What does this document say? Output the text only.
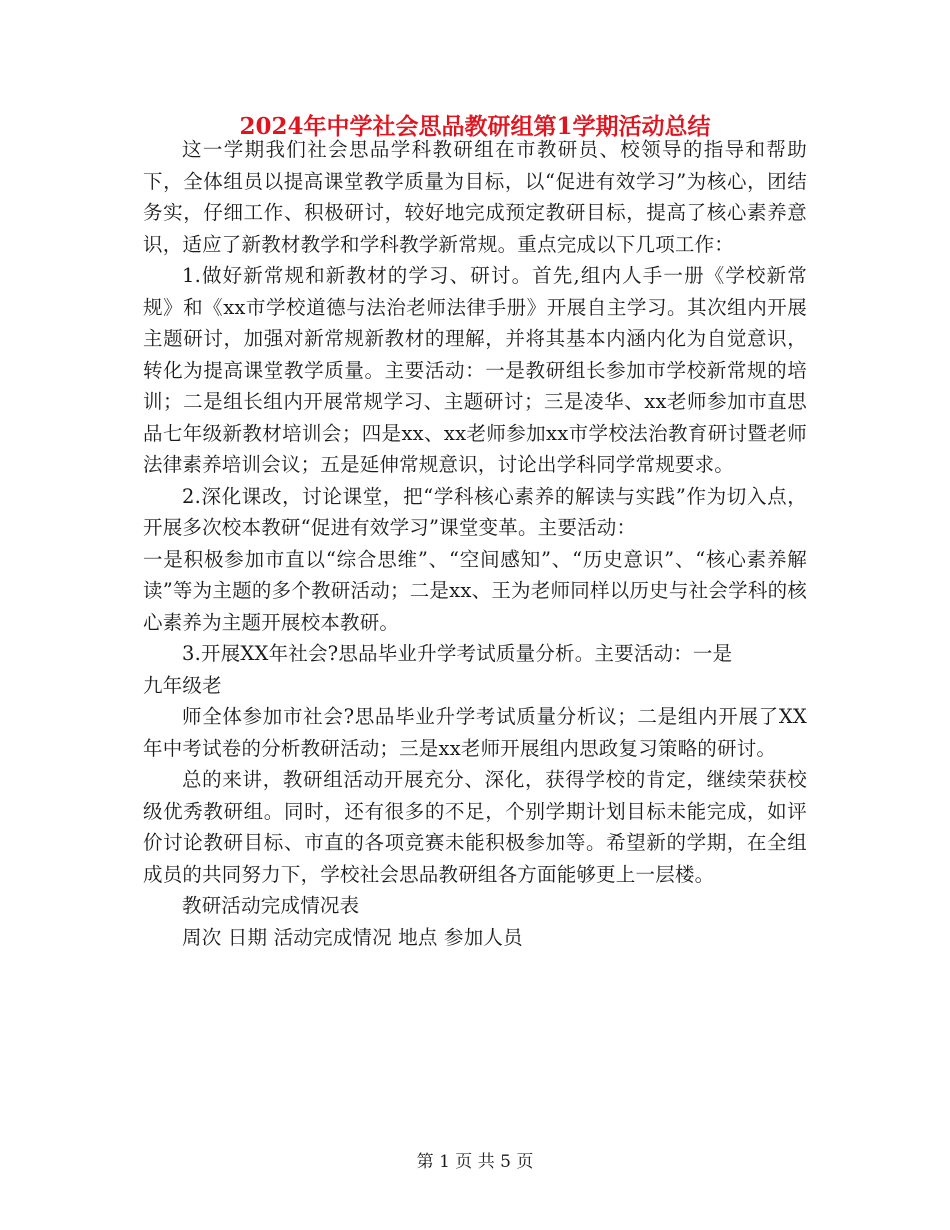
2024年中学社会思品教研组第1学期活动总结

这一学期我们社会思品学科教研组在市教研员、校领导的指导和帮助下，全体组员以提高课堂教学质量为目标，以“促进有效学习”为核心，团结务实，仔细工作、积极研讨，较好地完成预定教研目标，提高了核心素养意识，适应了新教材教学和学科教学新常规。重点完成以下几项工作：

1.做好新常规和新教材的学习、研讨。首先,组内人手一册《学校新常规》和《xx市学校道德与法治老师法律手册》开展自主学习。其次组内开展主题研讨，加强对新常规新教材的理解，并将其基本内涵内化为自觉意识，转化为提高课堂教学质量。主要活动：一是教研组长参加市学校新常规的培训；二是组长组内开展常规学习、主题研讨；三是凌华、xx老师参加市直思品七年级新教材培训会；四是xx、xx老师参加xx市学校法治教育研讨暨老师法律素养培训会议；五是延伸常规意识，讨论出学科同学常规要求。

2.深化课改，讨论课堂，把“学科核心素养的解读与实践”作为切入点，开展多次校本教研“促进有效学习”课堂变革。主要活动：

一是积极参加市直以“综合思维”、“空间感知”、“历史意识”、“核心素养解读”等为主题的多个教研活动；二是xx、王为老师同样以历史与社会学科的核心素养为主题开展校本教研。

3.开展XX年社会?思品毕业升学考试质量分析。主要活动：一是

九年级老

师全体参加市社会?思品毕业升学考试质量分析议；二是组内开展了XX年中考试卷的分析教研活动；三是xx老师开展组内思政复习策略的研讨。

总的来讲，教研组活动开展充分、深化，获得学校的肯定，继续荣获校级优秀教研组。同时，还有很多的不足，个别学期计划目标未能完成，如评价讨论教研目标、市直的各项竞赛未能积极参加等。希望新的学期，在全组成员的共同努力下，学校社会思品教研组各方面能够更上一层楼。

教研活动完成情况表

周次 日期 活动完成情况 地点 参加人员

第 1 页 共 5 页
